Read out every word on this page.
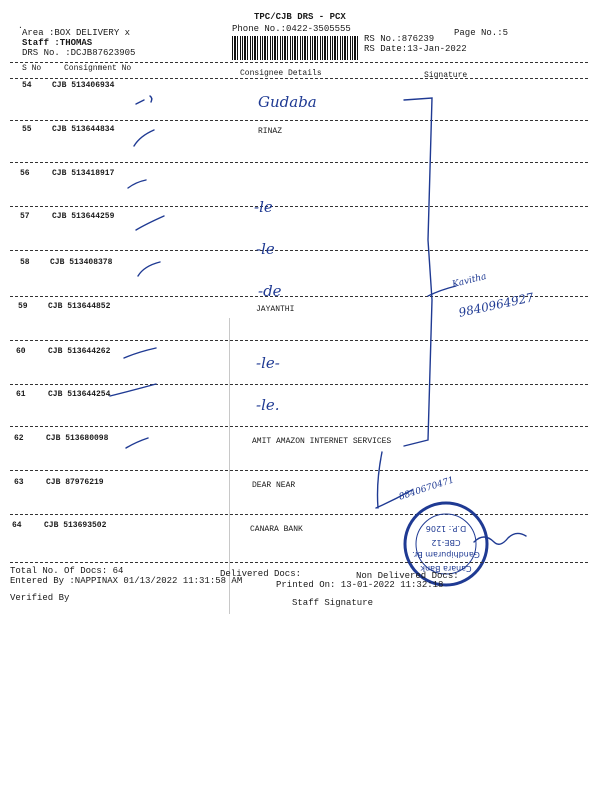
.
TPC/CJB DRS - PCX
Phone No.:0422-3505555	Page No.:5
Area :BOX DELIVERY x
Staff :THOMAS
DRS No. :DCJB87623905
RS No.:876239
RS Date:13-Jan-2022
S No	Consignment No
Consignee Details	Signature
54	CJB 513406934
55	CJB 513644834	RINAZ
56	CJB 513418917
57	CJB 513644259
58	CJB 513408378
59	CJB 513644852	JAYANTHI
60	CJB 513644262
61	CJB 513644254
62	CJB 513680098	AMIT AMAZON INTERNET SERVICES
63	CJB 87976219	DEAR NEAR
64	CJB 513693502	CANARA BANK
Gudaba
-le
-le
-de
-le-
-le.
Kavitha
9840964927
8840670471
Canara Bank
Gandhipuram Br.
CBE-12
D.P.: 1206
Total No. Of Docs: 64	Delivered Docs:	Non Delivered Docs:
Entered By :NAPPINAX 01/13/2022 11:31:58 AM	Printed On: 13-01-2022 11:32:18
Verified By	Staff Signature
